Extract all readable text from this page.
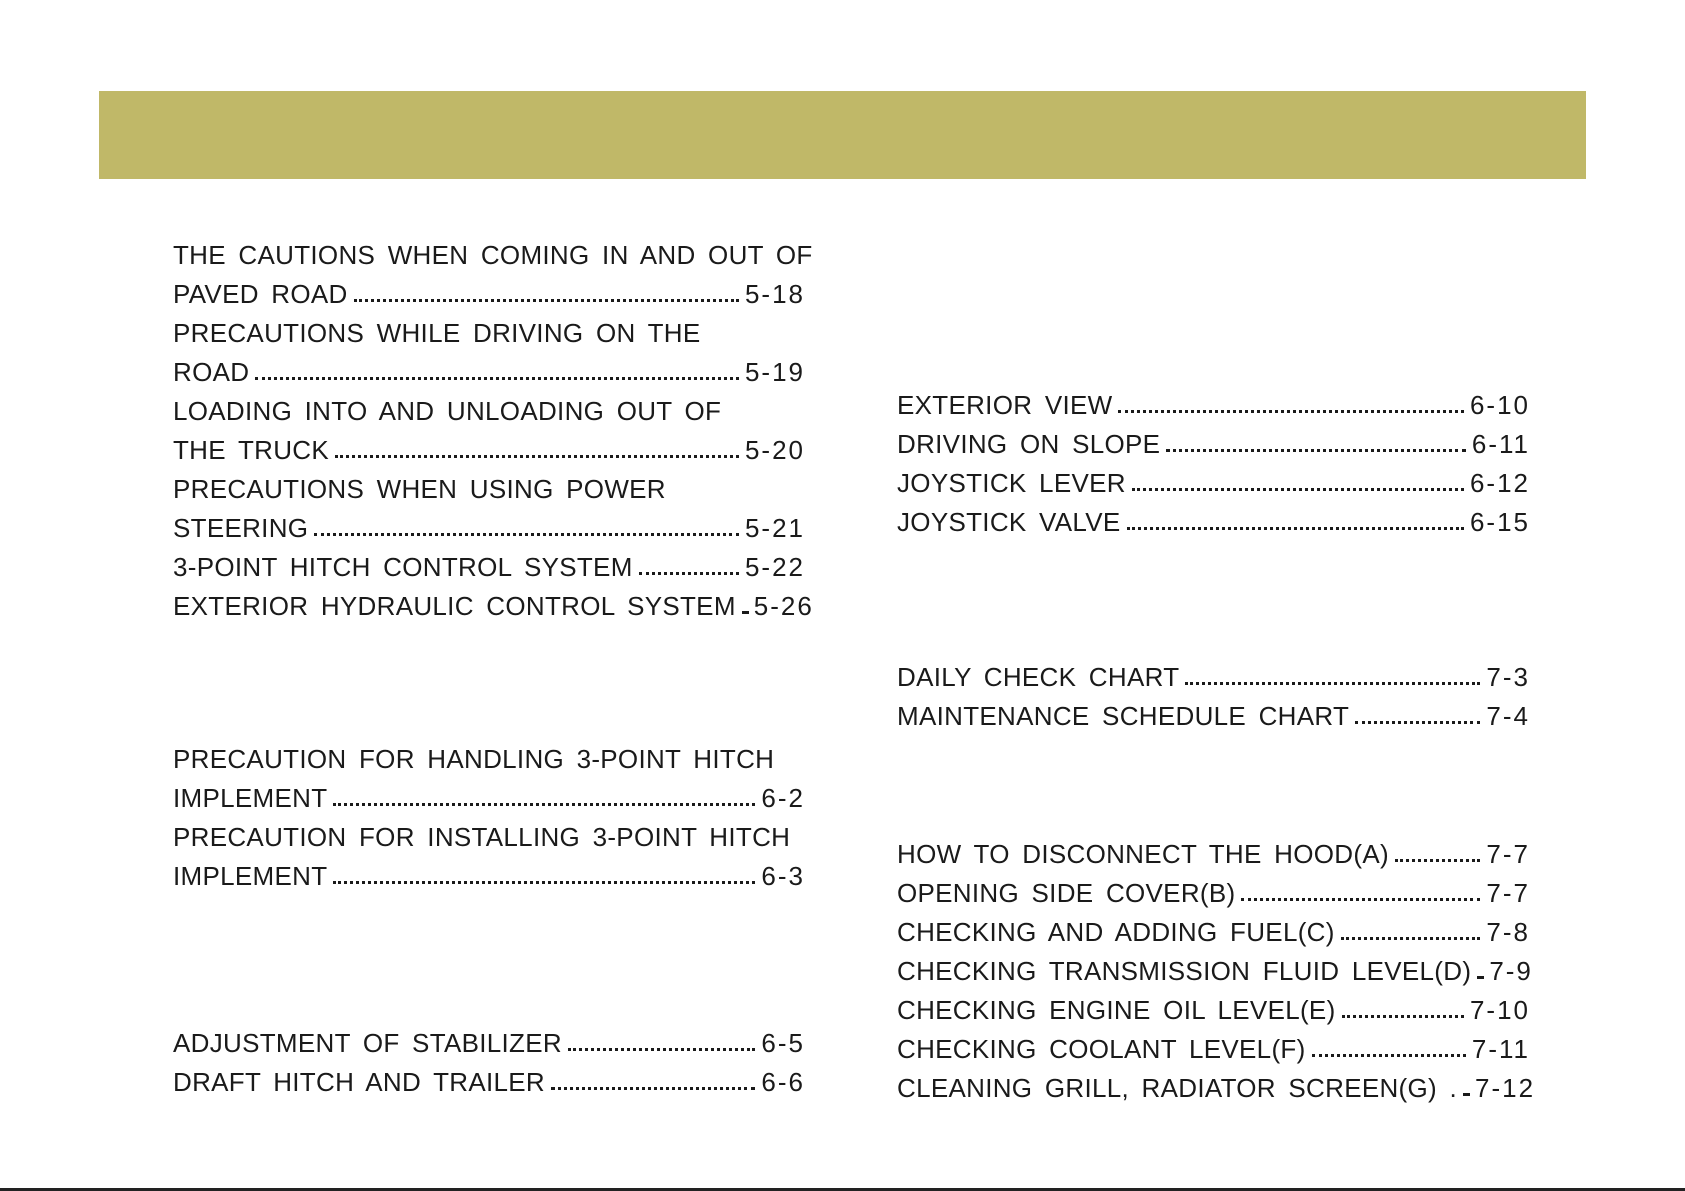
THE CAUTIONS WHEN COMING IN AND OUT OF
PAVED ROAD	5-18
PRECAUTIONS WHILE DRIVING ON THE
ROAD	5-19
LOADING INTO AND UNLOADING OUT OF
THE TRUCK	5-20
PRECAUTIONS WHEN USING POWER
STEERING	5-21
3-POINT HITCH CONTROL SYSTEM	5-22
EXTERIOR HYDRAULIC CONTROL SYSTEM 5-26
PRECAUTION FOR HANDLING 3-POINT HITCH
IMPLEMENT	6-2
PRECAUTION FOR INSTALLING 3-POINT HITCH
IMPLEMENT	6-3
ADJUSTMENT OF STABILIZER	6-5
DRAFT HITCH AND TRAILER	6-6
EXTERIOR VIEW	6-10
DRIVING ON SLOPE	6-11
JOYSTICK LEVER	6-12
JOYSTICK VALVE	6-15
DAILY CHECK CHART	7-3
MAINTENANCE SCHEDULE CHART	7-4
HOW TO DISCONNECT THE HOOD(A)	7-7
OPENING SIDE COVER(B)	7-7
CHECKING AND ADDING FUEL(C)	7-8
CHECKING TRANSMISSION FLUID LEVEL(D) 7-9
CHECKING ENGINE OIL LEVEL(E)	7-10
CHECKING COOLANT LEVEL(F)	7-11
CLEANING GRILL, RADIATOR SCREEN(G) . 7-12
